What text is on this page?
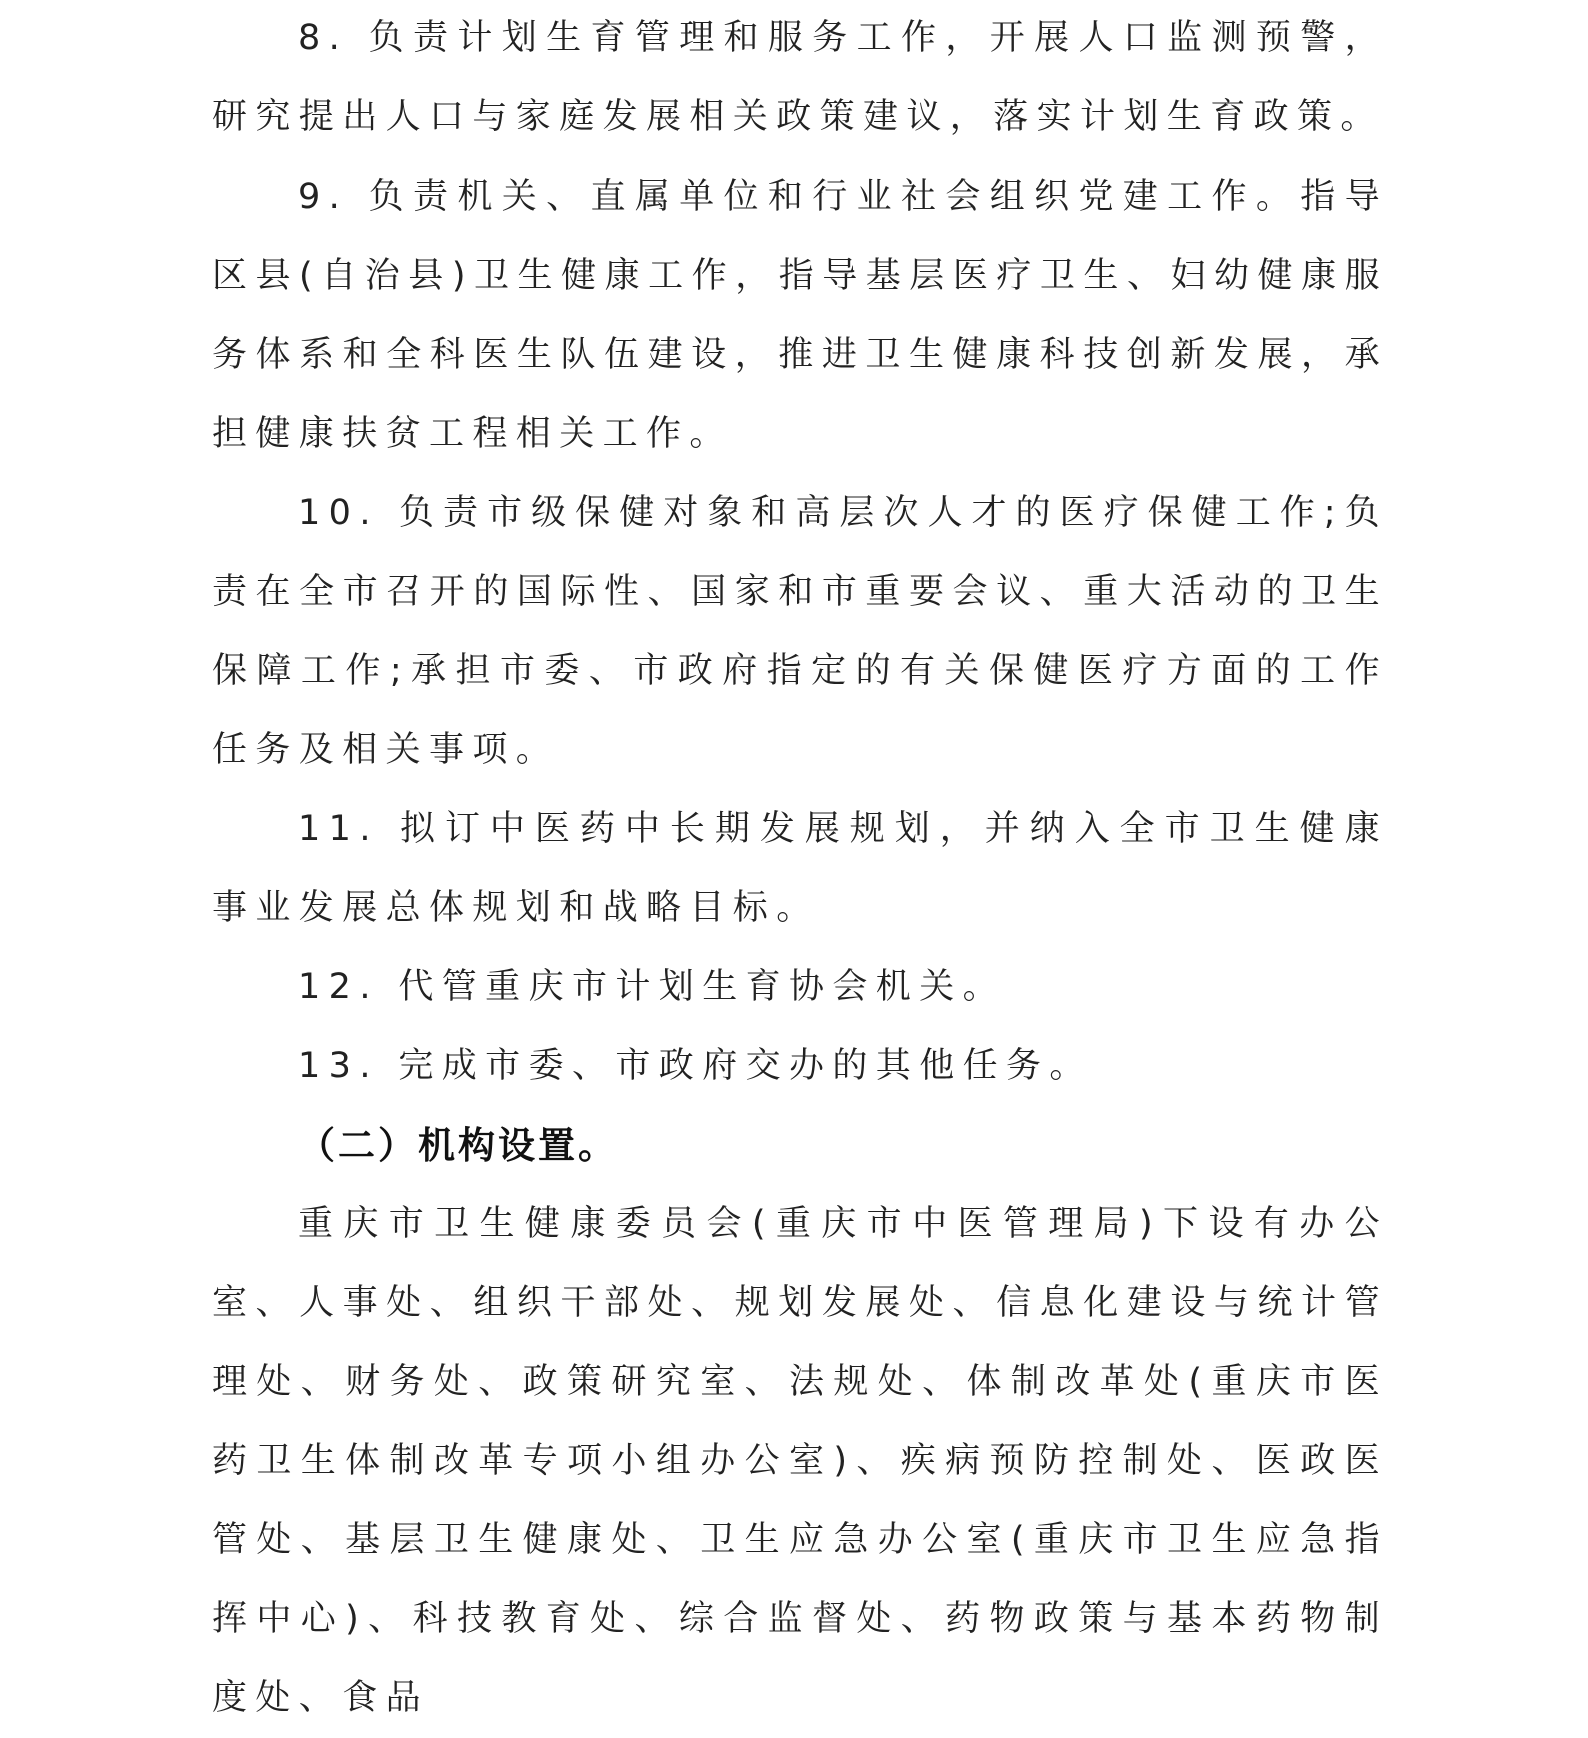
8. 负责计划生育管理和服务工作，开展人口监测预警，研究提出人口与家庭发展相关政策建议，落实计划生育政策。

9. 负责机关、直属单位和行业社会组织党建工作。指导区县(自治县)卫生健康工作，指导基层医疗卫生、妇幼健康服务体系和全科医生队伍建设，推进卫生健康科技创新发展，承担健康扶贫工程相关工作。

10. 负责市级保健对象和高层次人才的医疗保健工作;负责在全市召开的国际性、国家和市重要会议、重大活动的卫生保障工作;承担市委、市政府指定的有关保健医疗方面的工作任务及相关事项。

11. 拟订中医药中长期发展规划，并纳入全市卫生健康事业发展总体规划和战略目标。

12. 代管重庆市计划生育协会机关。

13. 完成市委、市政府交办的其他任务。

（二）机构设置。

重庆市卫生健康委员会(重庆市中医管理局)下设有办公室、人事处、组织干部处、规划发展处、信息化建设与统计管理处、财务处、政策研究室、法规处、体制改革处(重庆市医药卫生体制改革专项小组办公室)、疾病预防控制处、医政医管处、基层卫生健康处、卫生应急办公室(重庆市卫生应急指挥中心)、科技教育处、综合监督处、药物政策与基本药物制度处、食品
